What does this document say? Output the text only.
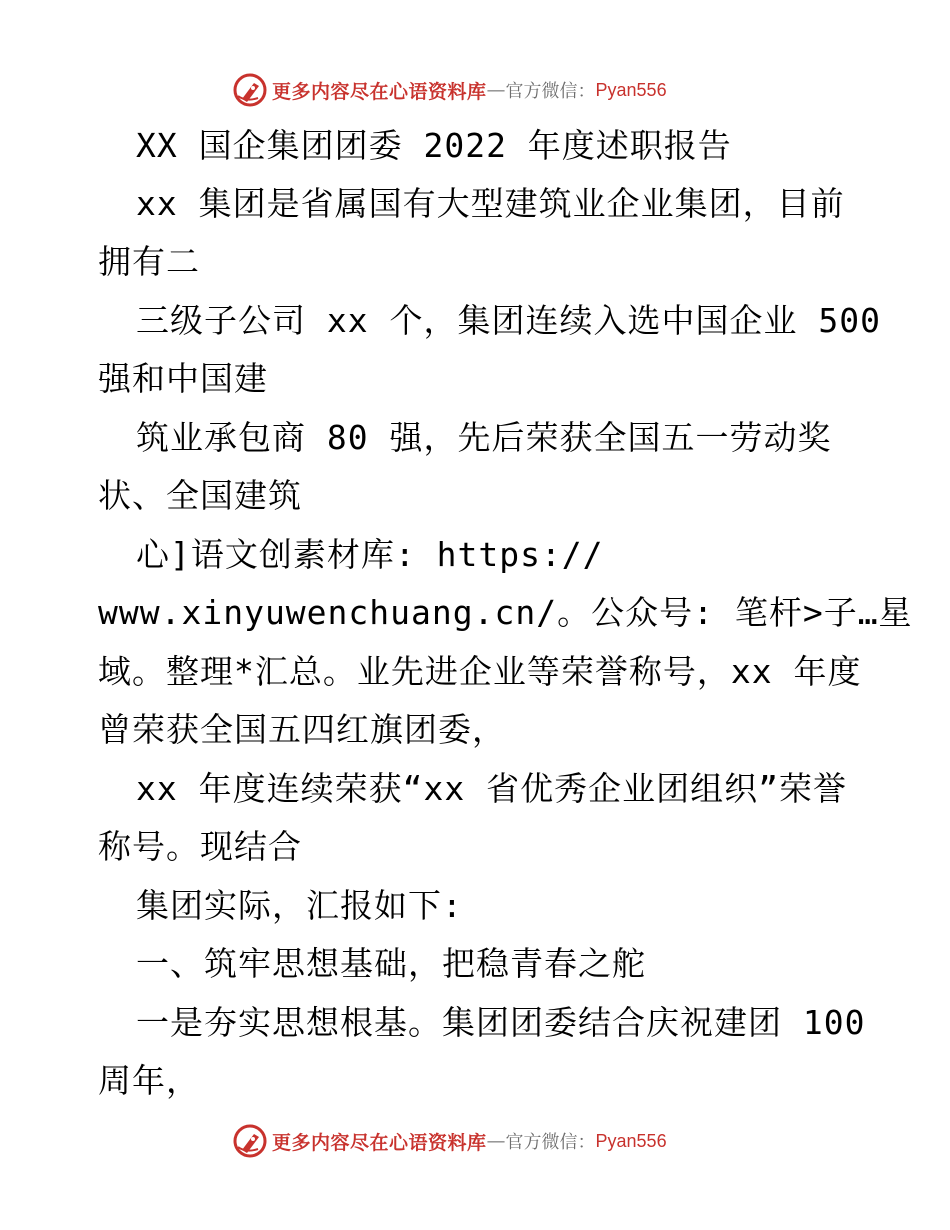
更多内容尽在心语资料库 — 官方微信： Pyan556
XX 国企集团团委 2022 年度述职报告
xx 集团是省属国有大型建筑业企业集团，目前
拥有二
三级子公司 xx 个，集团连续入选中国企业 500
强和中国建
筑业承包商 80 强，先后荣获全国五一劳动奖
状、全国建筑
心]语文创素材库: https://
www.xinyuwenchuang.cn/。公众号: 笔杆>子…星
域。整理*汇总。业先进企业等荣誉称号，xx 年度
曾荣获全国五四红旗团委，
xx 年度连续荣获“xx 省优秀企业团组织”荣誉
称号。现结合
集团实际，汇报如下:
一、筑牢思想基础，把稳青春之舵
一是夯实思想根基。集团团委结合庆祝建团 100
周年，
更多内容尽在心语资料库 — 官方微信： Pyan556
